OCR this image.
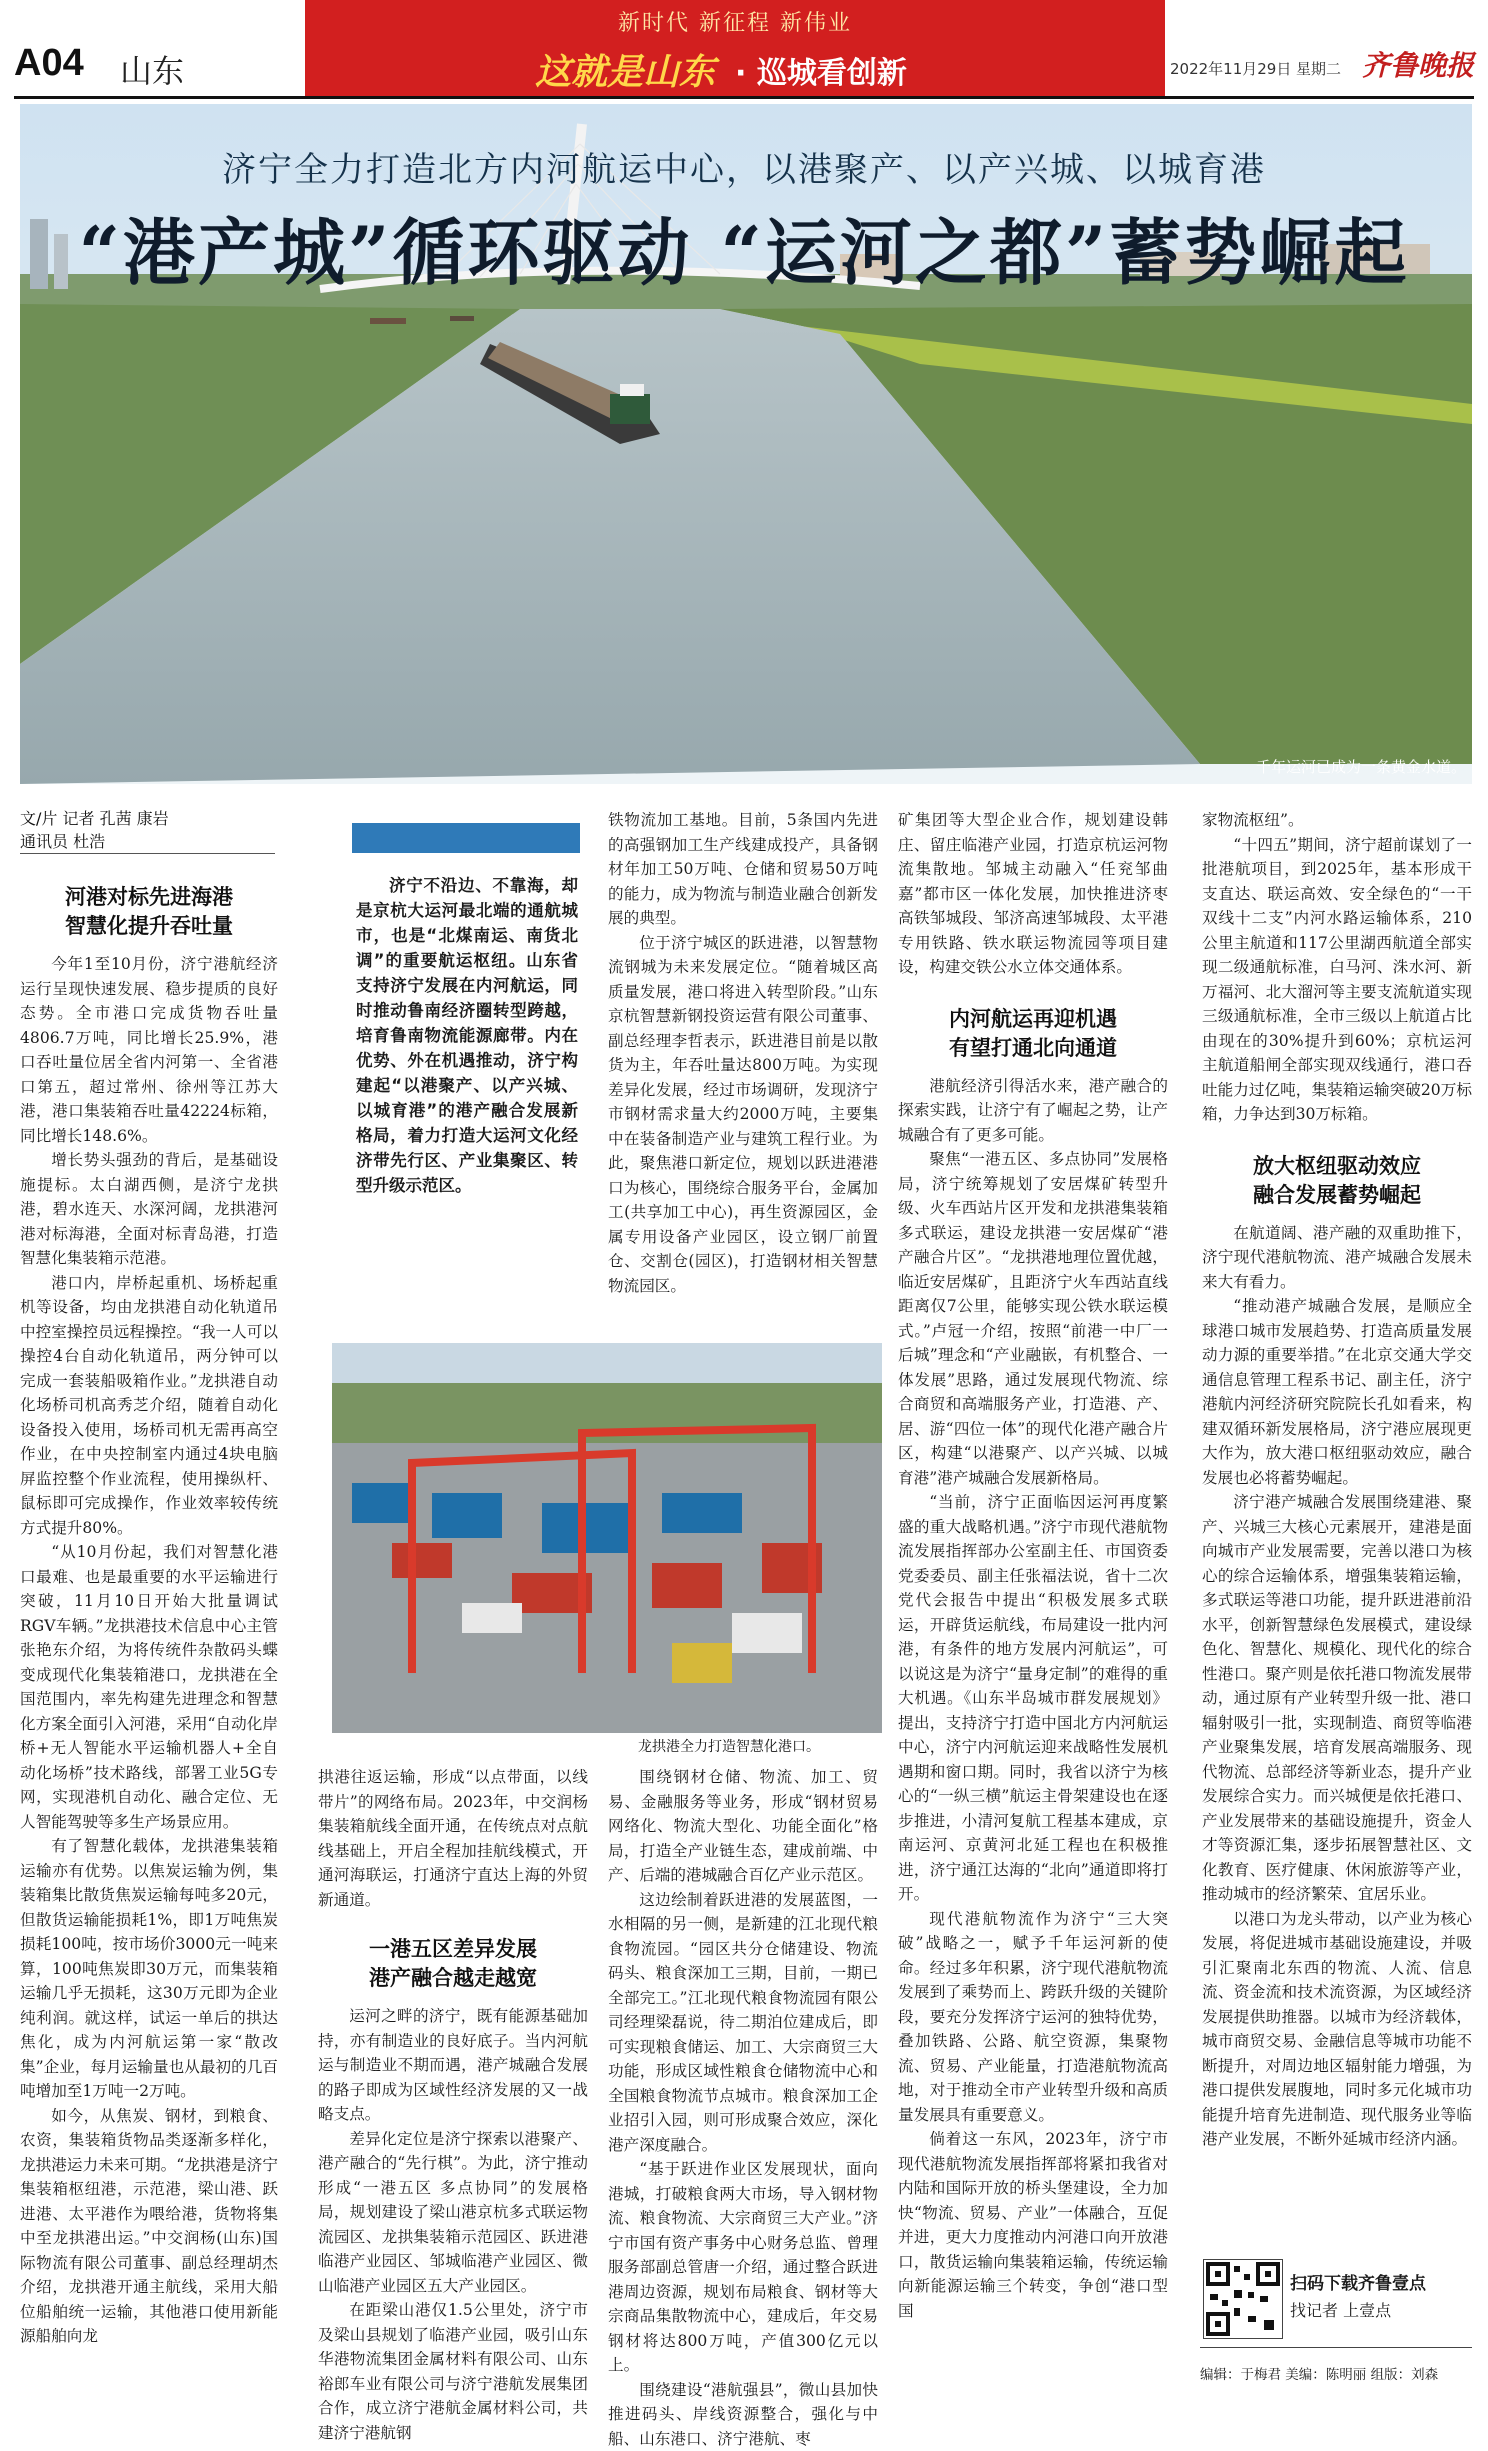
A04 山东
新时代 新征程 新伟业
这就是山东 · 巡城看创新	2022年11月29日 星期二 齐鲁晚报
济宁全力打造北方内河航运中心，以港聚产、以产兴城、以城育港
“港产城”循环驱动 “运河之都”蓄势崛起
千年运河已成为一条黄金水道。
文/片 记者 孔茜 康岩
通讯员 杜浩
河港对标先进海港
智慧化提升吞吐量

今年1至10月份，济宁港航经济运行呈现快速发展、稳步提质的良好态势。全市港口完成货物吞吐量4806.7万吨，同比增长25.9%，港口吞吐量位居全省内河第一、全省港口第五，超过常州、徐州等江苏大港，港口集装箱吞吐量42224标箱，同比增长148.6%。

增长势头强劲的背后，是基础设施提标。太白湖西侧，是济宁龙拱港，碧水连天、水深河阔，龙拱港河港对标海港，全面对标青岛港，打造智慧化集装箱示范港。

港口内，岸桥起重机、场桥起重机等设备，均由龙拱港自动化轨道吊中控室操控员远程操控。“我一人可以操控4台自动化轨道吊，两分钟可以完成一套装船吸箱作业。”龙拱港自动化场桥司机高秀芝介绍，随着自动化设备投入使用，场桥司机无需再高空作业，在中央控制室内通过4块电脑屏监控整个作业流程，使用操纵杆、鼠标即可完成操作，作业效率较传统方式提升80%。

“从10月份起，我们对智慧化港口最难、也是最重要的水平运输进行突破，11月10日开始大批量调试RGV车辆。”龙拱港技术信息中心主管张艳东介绍，为将传统件杂散码头蝶变成现代化集装箱港口，龙拱港在全国范围内，率先构建先进理念和智慧化方案全面引入河港，采用“自动化岸桥+无人智能水平运输机器人+全自动化场桥”技术路线，部署工业5G专网，实现港机自动化、融合定位、无人智能驾驶等多生产场景应用。

有了智慧化载体，龙拱港集装箱运输亦有优势。以焦炭运输为例，集装箱集比散货焦炭运输每吨多20元，但散货运输能损耗1%，即1万吨焦炭损耗100吨，按市场价3000元一吨来算，100吨焦炭即30万元，而集装箱运输几乎无损耗，这30万元即为企业纯利润。就这样，试运一单后的拱达焦化，成为内河航运第一家“散改集”企业，每月运输量也从最初的几百吨增加至1万吨一2万吨。

如今，从焦炭、钢材，到粮食、农资，集装箱货物品类逐渐多样化，龙拱港运力未来可期。“龙拱港是济宁集装箱枢纽港，示范港，梁山港、跃进港、太平港作为喂给港，货物将集中至龙拱港出运。”中交润杨(山东)国际物流有限公司董事、副总经理胡杰介绍，龙拱港开通主航线，采用大船位船舶统一运输，其他港口使用新能源船舶向龙

济宁不沿边、不靠海，却是京杭大运河最北端的通航城市，也是“北煤南运、南货北调”的重要航运枢纽。山东省支持济宁发展在内河航运，同时推动鲁南经济圈转型跨越，培育鲁南物流能源廊带。内在优势、外在机遇推动，济宁构建起“以港聚产、以产兴城、以城育港”的港产融合发展新格局，着力打造大运河文化经济带先行区、产业集聚区、转型升级示范区。

铁物流加工基地。目前，5条国内先进的高强钢加工生产线建成投产，具备钢材年加工50万吨、仓储和贸易50万吨的能力，成为物流与制造业融合创新发展的典型。

位于济宁城区的跃进港，以智慧物流钢城为未来发展定位。“随着城区高质量发展，港口将进入转型阶段。”山东京杭智慧新钢投资运营有限公司董事、副总经理李哲表示，跃进港目前是以散货为主，年吞吐量达800万吨。为实现差异化发展，经过市场调研，发现济宁市钢材需求量大约2000万吨，主要集中在装备制造产业与建筑工程行业。为此，聚焦港口新定位，规划以跃进港港口为核心，围绕综合服务平台，金属加工(共享加工中心)，再生资源园区，金属专用设备产业园区，设立钢厂前置仓、交割仓(园区)，打造钢材相关智慧物流园区。

龙拱港全力打造智慧化港口。

拱港往返运输，形成“以点带面，以线带片”的网络布局。2023年，中交润杨集装箱航线全面开通，在传统点对点航线基础上，开启全程加挂航线模式，开通河海联运，打通济宁直达上海的外贸新通道。

一港五区差异发展
港产融合越走越宽

运河之畔的济宁，既有能源基础加持，亦有制造业的良好底子。当内河航运与制造业不期而遇，港产城融合发展的路子即成为区域性经济发展的又一战略支点。

差异化定位是济宁探索以港聚产、港产融合的“先行棋”。为此，济宁推动形成“一港五区 多点协同”的发展格局，规划建设了梁山港京杭多式联运物流园区、龙拱集装箱示范园区、跃进港临港产业园区、邹城临港产业园区、微山临港产业园区五大产业园区。

在距梁山港仅1.5公里处，济宁市及梁山县规划了临港产业园，吸引山东华港物流集团金属材料有限公司、山东裕郎车业有限公司与济宁港航发展集团合作，成立济宁港航金属材料公司，共建济宁港航钢

围绕钢材仓储、物流、加工、贸易、金融服务等业务，形成“钢材贸易网络化、物流大型化、功能全面化”格局，打造全产业链生态，建成前端、中产、后端的港城融合百亿产业示范区。

这边绘制着跃进港的发展蓝图，一水相隔的另一侧，是新建的江北现代粮食物流园。“园区共分仓储建设、物流码头、粮食深加工三期，目前，一期已全部完工。”江北现代粮食物流园有限公司经理梁磊说，待二期泊位建成后，即可实现粮食储运、加工、大宗商贸三大功能，形成区域性粮食仓储物流中心和全国粮食物流节点城市。粮食深加工企业招引入园，则可形成聚合效应，深化港产深度融合。

“基于跃进作业区发展现状，面向港城，打破粮食两大市场，导入钢材物流、粮食物流、大宗商贸三大产业。”济宁市国有资产事务中心财务总监、曾理服务部副总管唐一介绍，通过整合跃进港周边资源，规划布局粮食、钢材等大宗商品集散物流中心，建成后，年交易钢材将达800万吨，产值300亿元以上。

围绕建设“港航强县”，微山县加快推进码头、岸线资源整合，强化与中船、山东港口、济宁港航、枣

矿集团等大型企业合作，规划建设韩庄、留庄临港产业园，打造京杭运河物流集散地。邹城主动融入“任兖邹曲嘉”都市区一体化发展，加快推进济枣高铁邹城段、邹济高速邹城段、太平港专用铁路、铁水联运物流园等项目建设，构建交铁公水立体交通体系。

内河航运再迎机遇
有望打通北向通道

港航经济引得活水来，港产融合的探索实践，让济宁有了崛起之势，让产城融合有了更多可能。

聚焦“一港五区、多点协同”发展格局，济宁统筹规划了安居煤矿转型升级、火车西站片区开发和龙拱港集装箱多式联运，建设龙拱港一安居煤矿“港产融合片区”。“龙拱港地理位置优越，临近安居煤矿，且距济宁火车西站直线距离仅7公里，能够实现公铁水联运模式。”卢冠一介绍，按照“前港一中厂一后城”理念和“产业融嵌，有机整合、一体发展”思路，通过发展现代物流、综合商贸和高端服务产业，打造港、产、居、游“四位一体”的现代化港产融合片区，构建“以港聚产、以产兴城、以城育港”港产城融合发展新格局。

“当前，济宁正面临因运河再度繁盛的重大战略机遇。”济宁市现代港航物流发展指挥部办公室副主任、市国资委党委委员、副主任张福法说，省十二次党代会报告中提出“积极发展多式联运，开辟货运航线，布局建设一批内河港，有条件的地方发展内河航运”，可以说这是为济宁“量身定制”的难得的重大机遇。《山东半岛城市群发展规划》提出，支持济宁打造中国北方内河航运中心，济宁内河航运迎来战略性发展机遇期和窗口期。同时，我省以济宁为核心的“一纵三横”航运主骨架建设也在逐步推进，小清河复航工程基本建成，京南运河、京黄河北延工程也在积极推进，济宁通江达海的“北向”通道即将打开。

现代港航物流作为济宁“三大突破”战略之一，赋予千年运河新的使命。经过多年积累，济宁现代港航物流发展到了乘势而上、跨跃升级的关键阶段，要充分发挥济宁运河的独特优势，叠加铁路、公路、航空资源，集聚物流、贸易、产业能量，打造港航物流高地，对于推动全市产业转型升级和高质量发展具有重要意义。

倘着这一东风，2023年，济宁市现代港航物流发展指挥部将紧扣我省对内陆和国际开放的桥头堡建设，全力加快“物流、贸易、产业”一体融合，互促并进，更大力度推动内河港口向开放港口，散货运输向集装箱运输，传统运输向新能源运输三个转变，争创“港口型国

家物流枢纽”。

“十四五”期间，济宁超前谋划了一批港航项目，到2025年，基本形成干支直达、联运高效、安全绿色的“一干双线十二支”内河水路运输体系，210公里主航道和117公里湖西航道全部实现二级通航标准，白马河、洙水河、新万福河、北大溜河等主要支流航道实现三级通航标准，全市三级以上航道占比由现在的30%提升到60%；京杭运河主航道船闸全部实现双线通行，港口吞吐能力过亿吨，集装箱运输突破20万标箱，力争达到30万标箱。

放大枢纽驱动效应
融合发展蓄势崛起

在航道阔、港产融的双重助推下，济宁现代港航物流、港产城融合发展未来大有看力。

“推动港产城融合发展，是顺应全球港口城市发展趋势、打造高质量发展动力源的重要举措。”在北京交通大学交通信息管理工程系书记、副主任，济宁港航内河经济研究院院长孔如看来，构建双循环新发展格局，济宁港应展现更大作为，放大港口枢纽驱动效应，融合发展也必将蓄势崛起。

济宁港产城融合发展围绕建港、聚产、兴城三大核心元素展开，建港是面向城市产业发展需要，完善以港口为核心的综合运输体系，增强集装箱运输，多式联运等港口功能，提升跃进港前沿水平，创新智慧绿色发展模式，建设绿色化、智慧化、规模化、现代化的综合性港口。聚产则是依托港口物流发展带动，通过原有产业转型升级一批、港口辐射吸引一批，实现制造、商贸等临港产业聚集发展，培育发展高端服务、现代物流、总部经济等新业态，提升产业发展综合实力。而兴城便是依托港口、产业发展带来的基础设施提升，资金人才等资源汇集，逐步拓展智慧社区、文化教育、医疗健康、休闲旅游等产业，推动城市的经济繁荣、宜居乐业。

以港口为龙头带动，以产业为核心发展，将促进城市基础设施建设，并吸引汇聚南北东西的物流、人流、信息流、资金流和技术流资源，为区域经济发展提供助推器。以城市为经济载体，城市商贸交易、金融信息等城市功能不断提升，对周边地区辐射能力增强，为港口提供发展腹地，同时多元化城市功能提升培育先进制造、现代服务业等临港产业发展，不断外延城市经济内涵。

扫码下载齐鲁壹点
找记者 上壹点
编辑：于梅君 美编：陈明丽 组版：刘森
